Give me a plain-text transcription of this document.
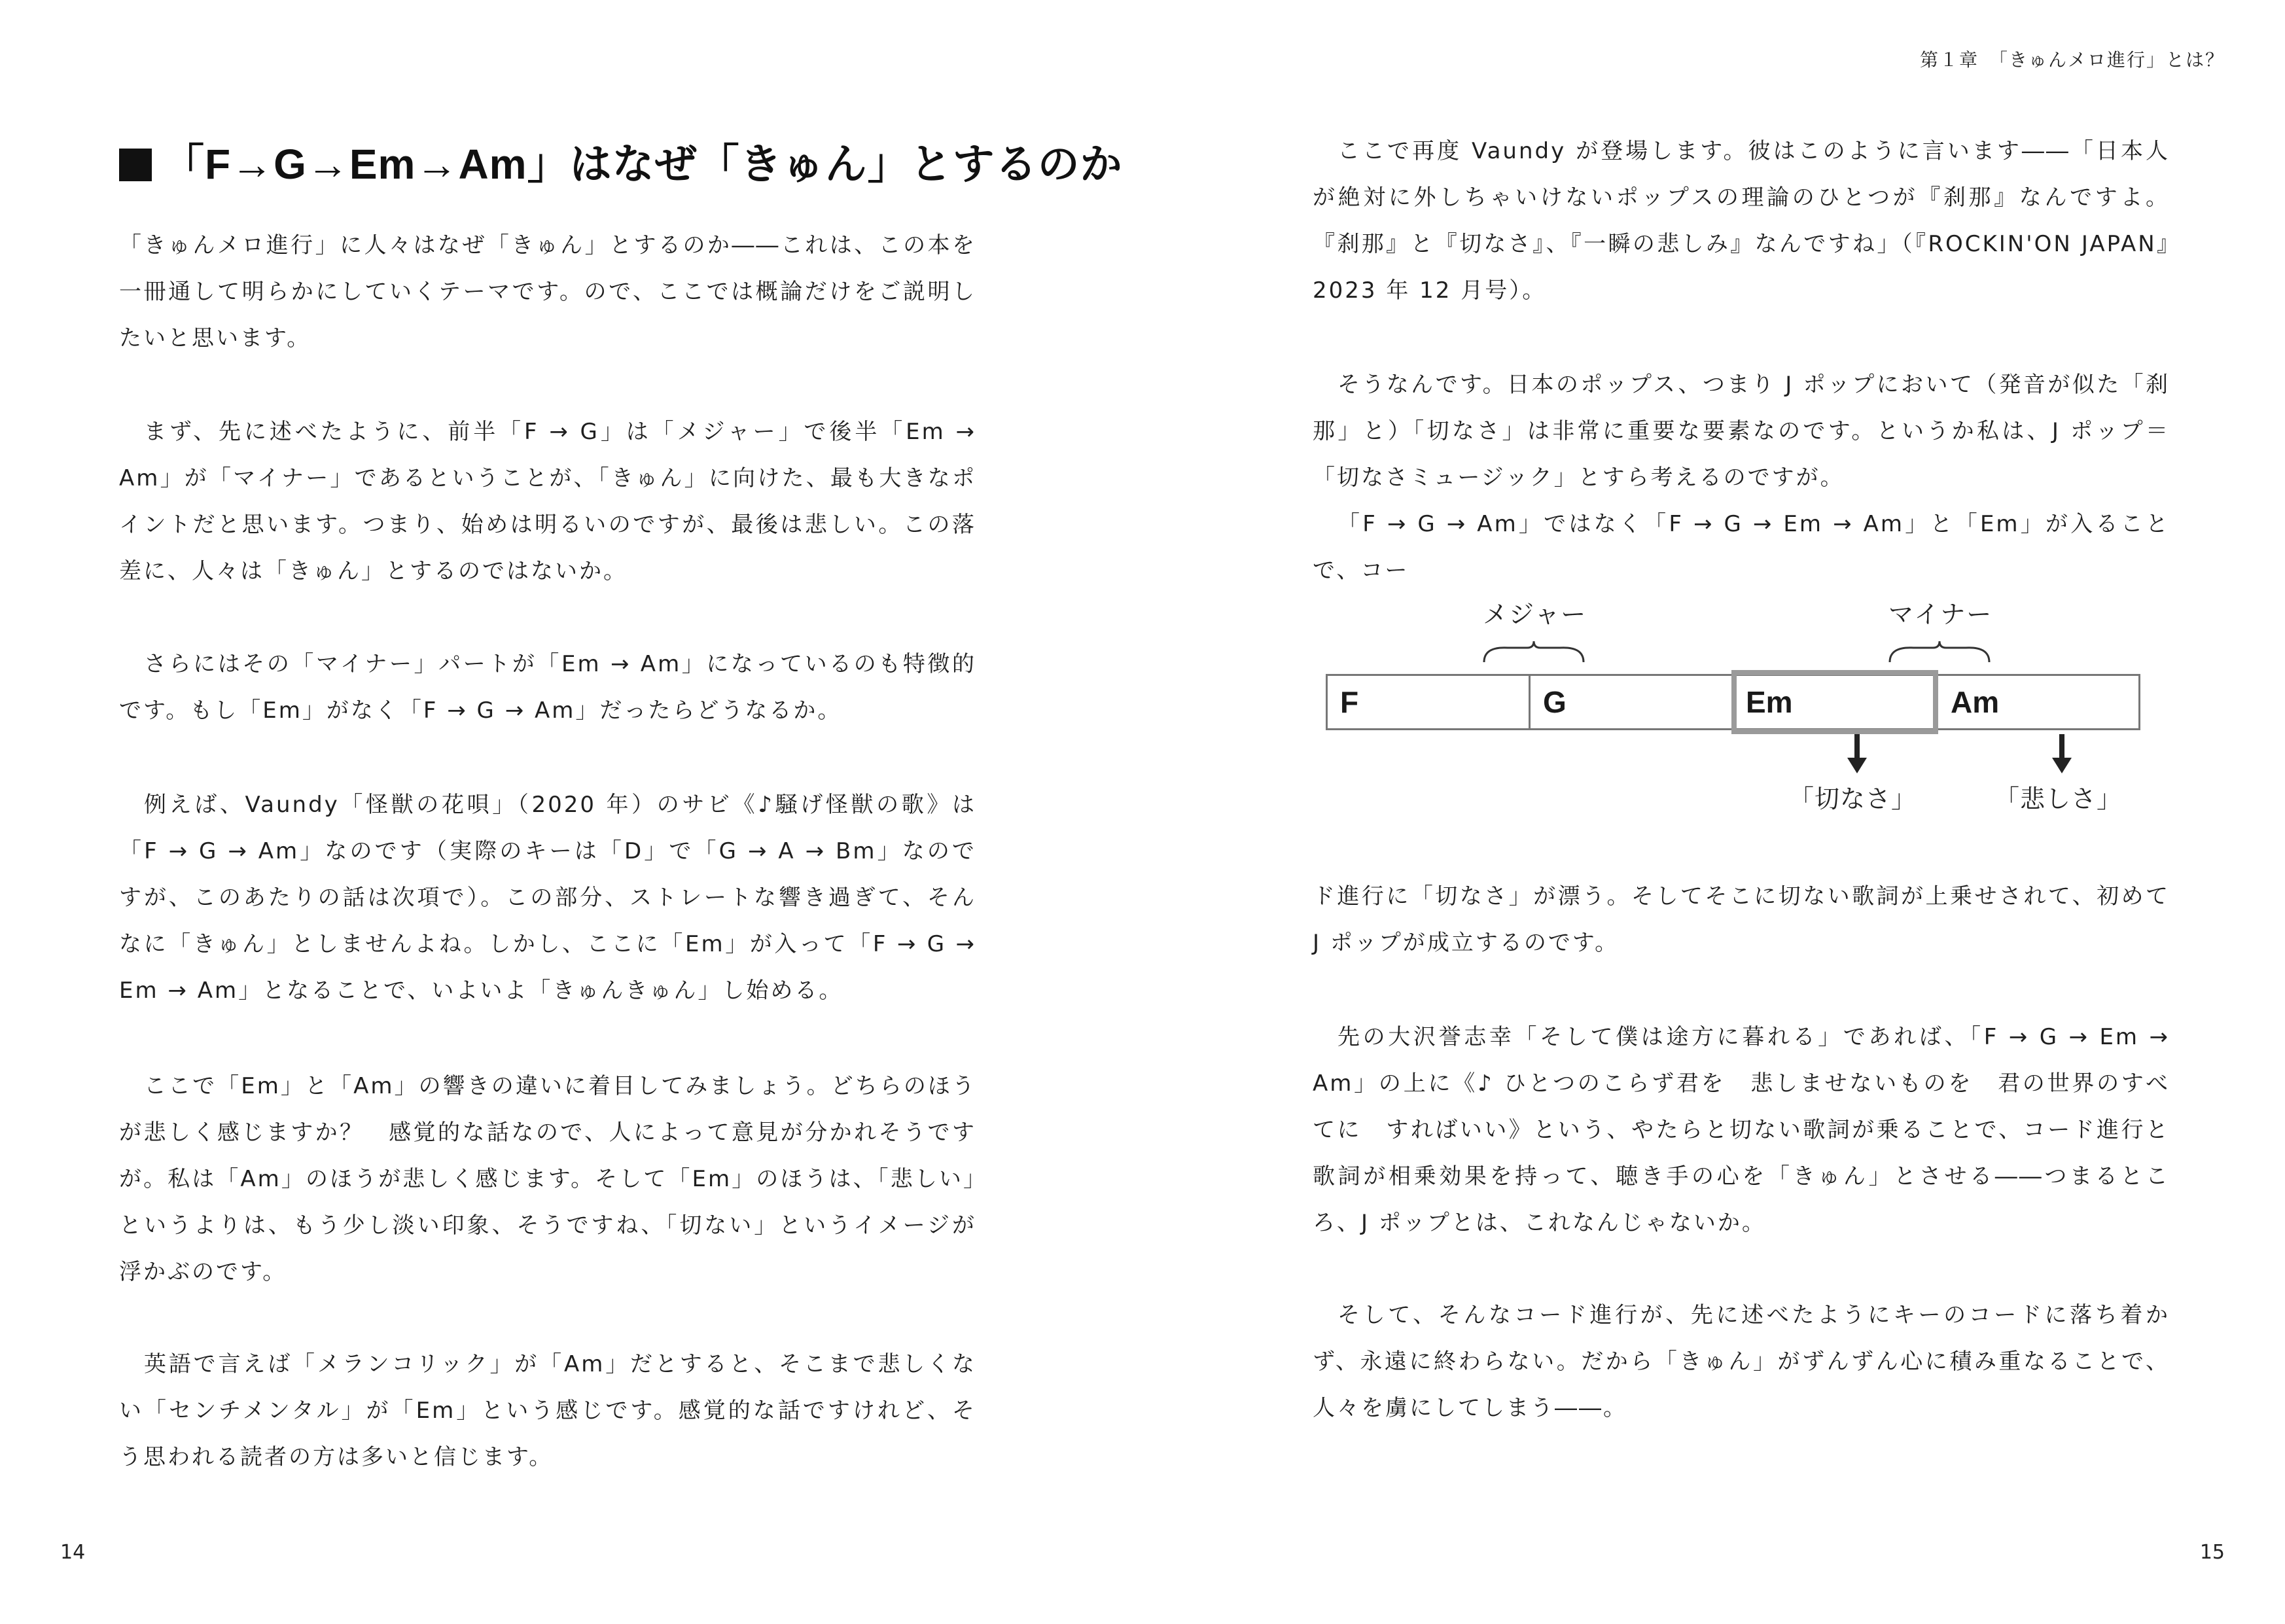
第１章　「きゅんメロ進行」とは？
「F→G→Em→Am」はなぜ「きゅん」とするのか

「きゅんメロ進行」に人々はなぜ「きゅん」とするのか――これは、この本を一冊通して明らかにしていくテーマです。ので、ここでは概論だけをご説明したいと思います。

まず、先に述べたように、前半「F → G」は「メジャー」で後半「Em → Am」が「マイナー」であるということが、「きゅん」に向けた、最も大きなポイントだと思います。つまり、始めは明るいのですが、最後は悲しい。この落差に、人々は「きゅん」とするのではないか。

さらにはその「マイナー」パートが「Em → Am」になっているのも特徴的です。もし「Em」がなく「F → G → Am」だったらどうなるか。

例えば、Vaundy「怪獣の花唄」（2020 年）のサビ《♪騒げ怪獣の歌》は「F → G → Am」なのです（実際のキーは「D」で「G → A → Bm」なのですが、このあたりの話は次項で）。この部分、ストレートな響き過ぎて、そんなに「きゅん」としませんよね。しかし、ここに「Em」が入って「F → G → Em → Am」となることで、いよいよ「きゅんきゅん」し始める。

ここで「Em」と「Am」の響きの違いに着目してみましょう。どちらのほうが悲しく感じますか？　感覚的な話なので、人によって意見が分かれそうですが。私は「Am」のほうが悲しく感じます。そして「Em」のほうは、「悲しい」というよりは、もう少し淡い印象、そうですね、「切ない」というイメージが浮かぶのです。

英語で言えば「メランコリック」が「Am」だとすると、そこまで悲しくない「センチメンタル」が「Em」という感じです。感覚的な話ですけれど、そう思われる読者の方は多いと信じます。

14

ここで再度 Vaundy が登場します。彼はこのように言います――「日本人が絶対に外しちゃいけないポップスの理論のひとつが『刹那』なんですよ。『刹那』と『切なさ』、『一瞬の悲しみ』なんですね」（『ROCKIN'ON JAPAN』2023 年 12 月号）。

そうなんです。日本のポップス、つまり J ポップにおいて（発音が似た「刹那」と）「切なさ」は非常に重要な要素なのです。というか私は、J ポップ＝「切なさミュージック」とすら考えるのですが。

「F → G → Am」ではなく「F → G → Em → Am」と「Em」が入ることで、コー

ド進行に「切なさ」が漂う。そしてそこに切ない歌詞が上乗せされて、初めて J ポップが成立するのです。

先の大沢誉志幸「そして僕は途方に暮れる」であれば、「F → G → Em → Am」の上に《♪ ひとつのこらず君を　悲しませないものを　君の世界のすべてに　すればいい》という、やたらと切ない歌詞が乗ることで、コード進行と歌詞が相乗効果を持って、聴き手の心を「きゅん」とさせる――つまるところ、J ポップとは、これなんじゃないか。

そして、そんなコード進行が、先に述べたようにキーのコードに落ち着かず、永遠に終わらない。だから「きゅん」がずんずん心に積み重なることで、人々を虜にしてしまう――。

メジャー	マイナー
F	G	Em	Am
「切なさ」	「悲しさ」
15
